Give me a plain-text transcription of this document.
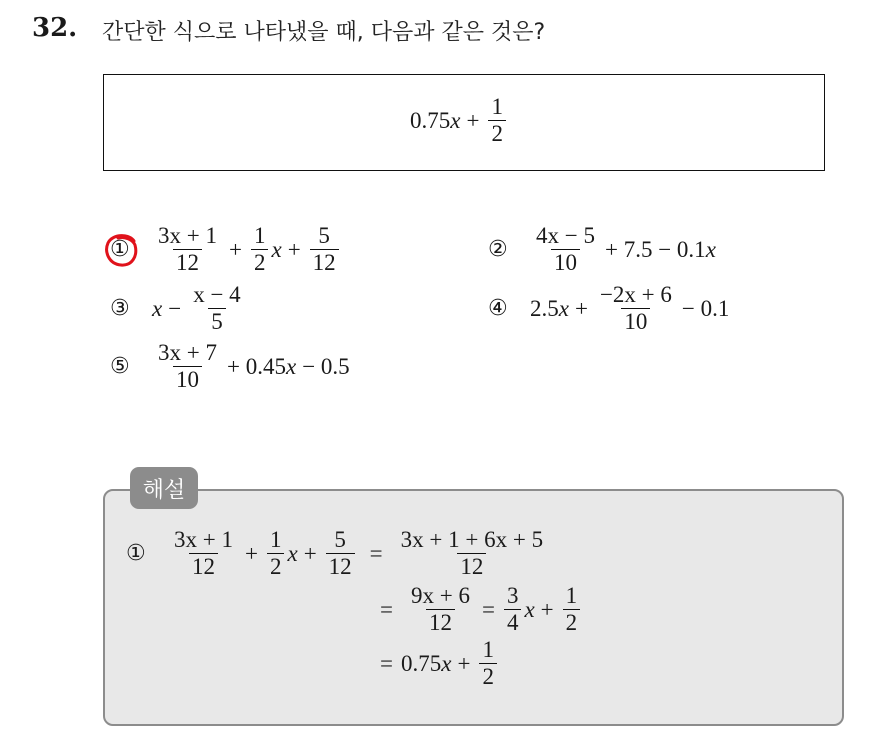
32. 간단한 식으로 나타냈을 때, 다음과 같은 것은?
0.75 $x + \frac{1}{2}$
① $\frac{3x + 1}{12} + \frac{1}{2}$ $x + \frac{5}{12}$	② $\frac{4x - 5}{10} + 7.5 - 0.1$ x
③ $x - \frac{x - 4}{5}$	④ 2.5 $x + \frac{-2x + 6}{10} - 0.1$
⑤ $\frac{3x + 7}{10} + 0.45$ x − 0.5
해설
① $\frac{3x + 1}{12} + \frac{1}{2}$ $x + \frac{5}{12} = \frac{3x + 1 + 6x + 5}{12}$
= $\frac{9x + 6}{12} = \frac{3}{4}$ $x + \frac{1}{2}$
= 0.75 $x + \frac{1}{2}$
